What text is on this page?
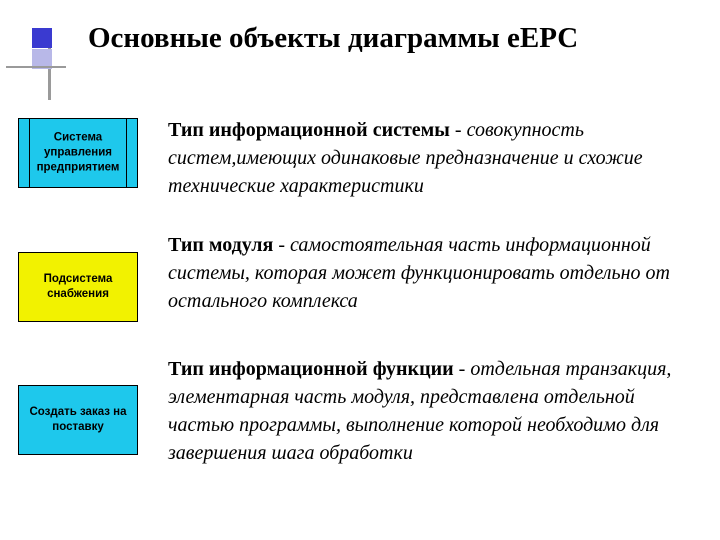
Основные объекты диаграммы еЕРС
Система управления предприятием
Тип информационной системы - совокупность систем,имеющих одинаковые предназначение и схожие технические характеристики
Подсистема снабжения
Тип модуля - самостоятельная часть информационной системы, которая может функционировать отдельно от остального комплекса
Создать заказ на поставку
Тип информационной функции - отдельная транзакция, элементарная часть модуля, представлена отдельной частью программы, выполнение которой необходимо для завершения шага обработки
